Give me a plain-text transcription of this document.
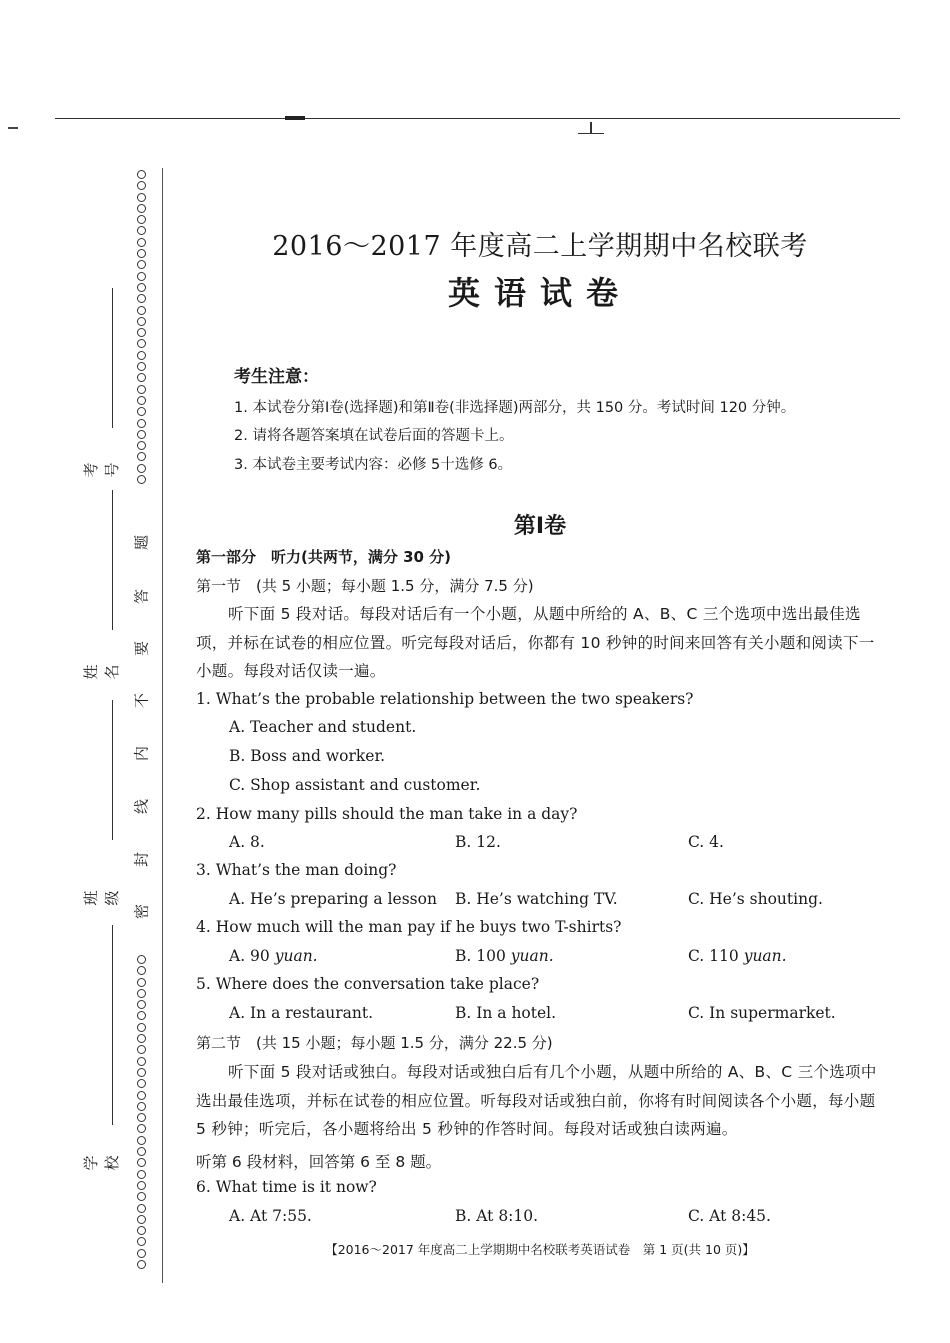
题
答
要
不
内
线
封
密
考号
姓名
班级
学校
2016～2017 年度高二上学期期中名校联考
英语试卷
考生注意：
1. 本试卷分第Ⅰ卷(选择题)和第Ⅱ卷(非选择题)两部分，共 150 分。考试时间 120 分钟。
2. 请将各题答案填在试卷后面的答题卡上。
3. 本试卷主要考试内容：必修 5十选修 6。
第Ⅰ卷
第一部分　听力(共两节，满分 30 分)
第一节　(共 5 小题；每小题 1.5 分，满分 7.5 分)
听下面 5 段对话。每段对话后有一个小题，从题中所给的 A、B、C 三个选项中选出最佳选项，并标在试卷的相应位置。听完每段对话后，你都有 10 秒钟的时间来回答有关小题和阅读下一小题。每段对话仅读一遍。
1. What’s the probable relationship between the two speakers?
A. Teacher and student.
B. Boss and worker.
C. Shop assistant and customer.
2. How many pills should the man take in a day?
A. 8.	B. 12.	C. 4.
3. What’s the man doing?
A. He’s preparing a lesson B. He’s watching TV.	C. He’s shouting.
4. How much will the man pay if he buys two T-shirts?
A. 90 yuan.	B. 100 yuan.	C. 110 yuan.
5. Where does the conversation take place?
A. In a restaurant.	B. In a hotel.	C. In supermarket.
第二节　(共 15 小题；每小题 1.5 分，满分 22.5 分)
听下面 5 段对话或独白。每段对话或独白后有几个小题，从题中所给的 A、B、C 三个选项中选出最佳选项，并标在试卷的相应位置。听每段对话或独白前，你将有时间阅读各个小题，每小题 5 秒钟；听完后，各小题将给出 5 秒钟的作答时间。每段对话或独白读两遍。
听第 6 段材料，回答第 6 至 8 题。
6. What time is it now?
A. At 7:55.	B. At 8:10.	C. At 8:45.
【2016～2017 年度高二上学期期中名校联考英语试卷　第 1 页(共 10 页)】
